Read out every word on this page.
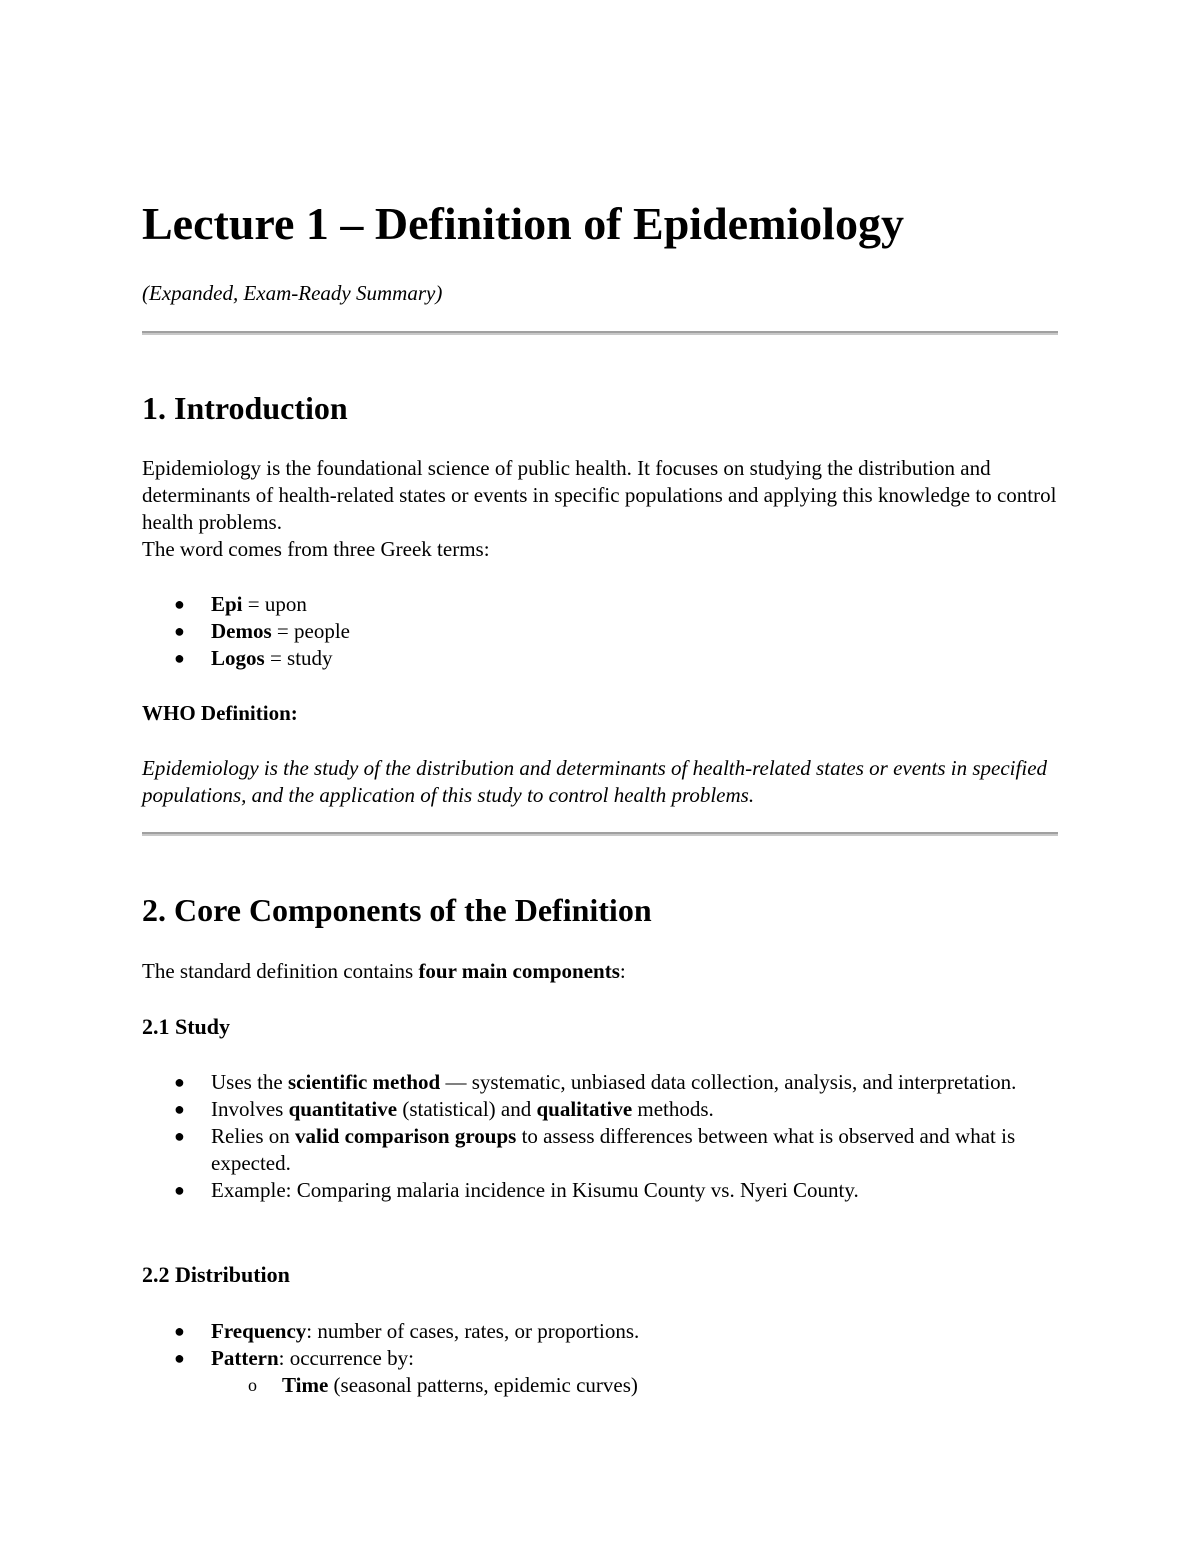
Lecture 1 – Definition of Epidemiology

(Expanded, Exam-Ready Summary)

1. Introduction

Epidemiology is the foundational science of public health. It focuses on studying the distribution and determinants of health-related states or events in specific populations and applying this knowledge to control health problems.
The word comes from three Greek terms:

● Epi = upon
● Demos = people
● Logos = study

WHO Definition:

Epidemiology is the study of the distribution and determinants of health-related states or events in specified populations, and the application of this study to control health problems.

2. Core Components of the Definition

The standard definition contains four main components:

2.1 Study
● Uses the scientific method — systematic, unbiased data collection, analysis, and interpretation.
● Involves quantitative (statistical) and qualitative methods.
● Relies on valid comparison groups to assess differences between what is observed and what is expected.
● Example: Comparing malaria incidence in Kisumu County vs. Nyeri County.
2.2 Distribution
● Frequency: number of cases, rates, or proportions.
● Pattern: occurrence by:
o Time (seasonal patterns, epidemic curves)
